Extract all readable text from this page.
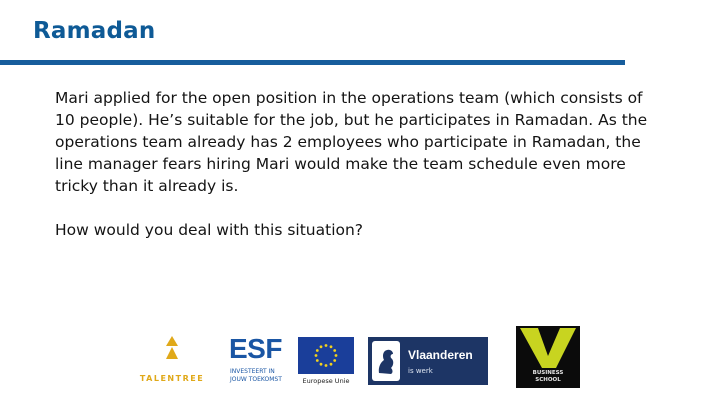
Ramadan

Mari applied for the open position in the operations team (which consists of 10 people). He’s suitable for the job, but he participates in Ramadan. As the operations team already has 2 employees who participate in Ramadan, the line manager fears hiring Mari would make the team schedule even more tricky than it already is.

How would you deal with this situation?

TALENTREE
ESF
INVESTEERT IN
JOUW TOEKOMST	Europese Unie
Vlaanderen
is werk	BUSINESS
SCHOOL
